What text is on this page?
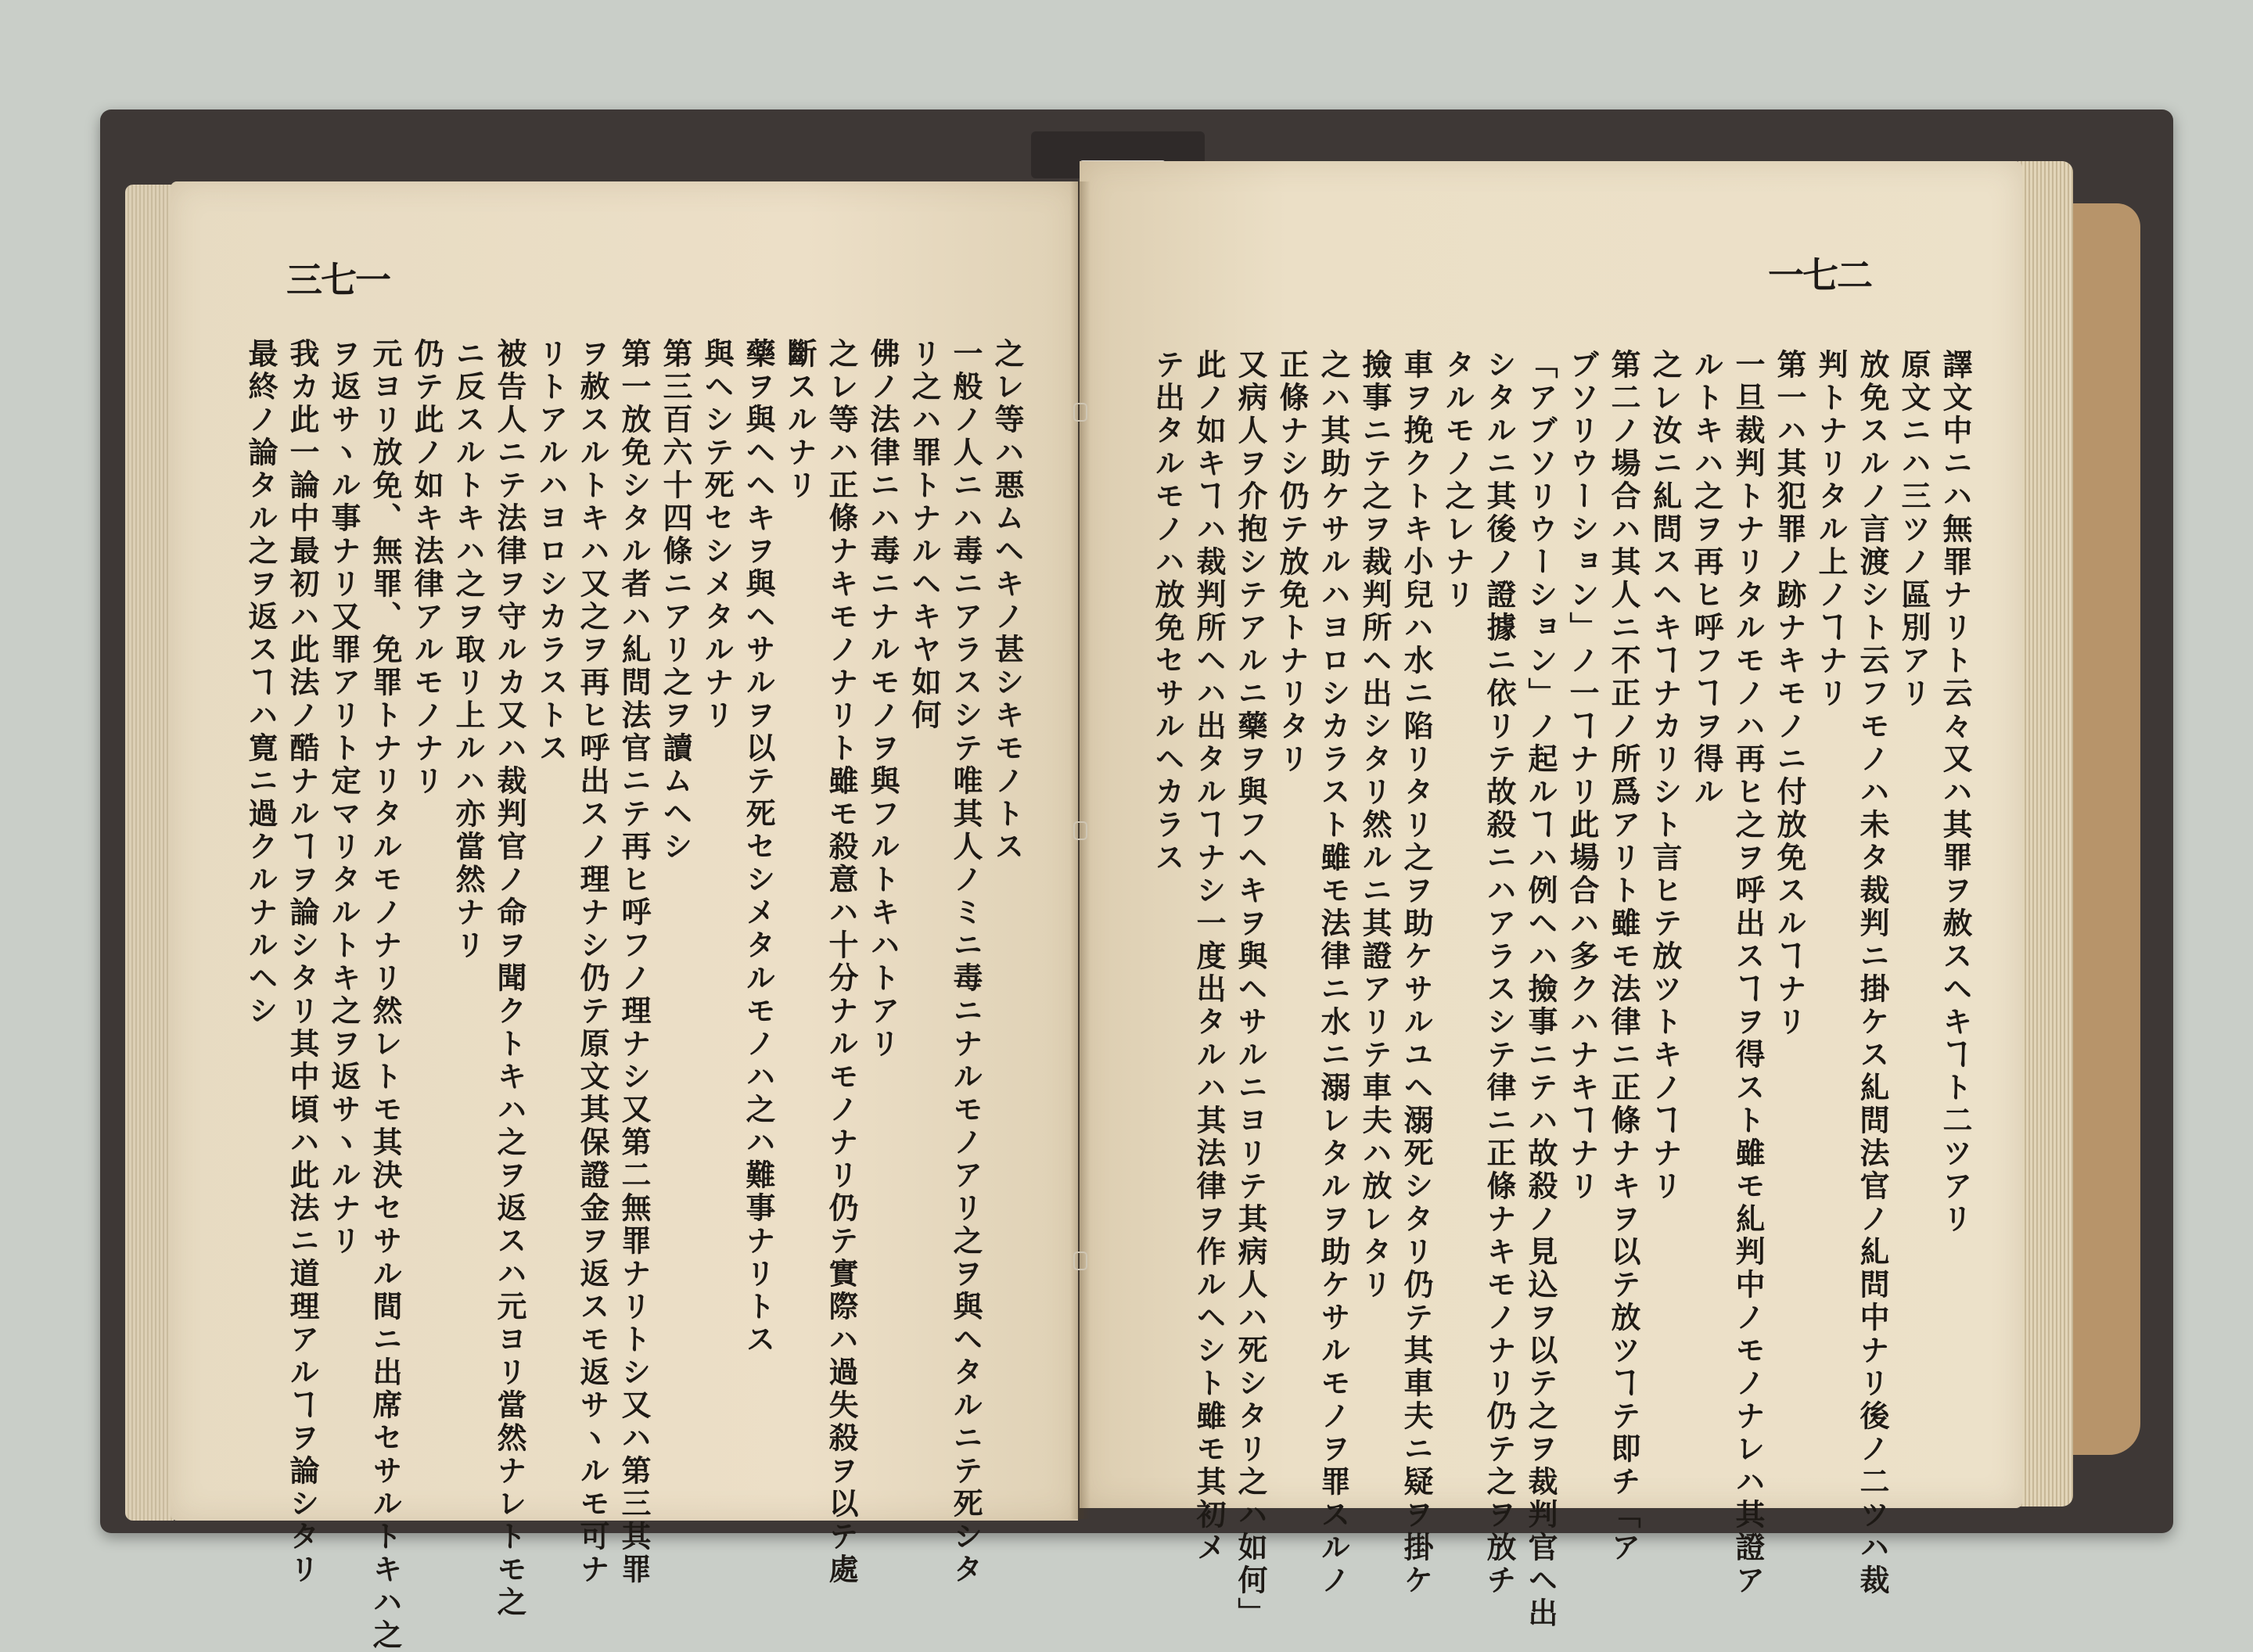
三七一
之レ等ハ悪ムヘキノ甚シキモノトス
一般ノ人ニハ毒ニアラスシテ唯其人ノミニ毒ニナルモノアリ之ヲ與ヘタルニテ死シタ
リ之ハ罪トナルヘキヤ如何
佛ノ法律ニハ毒ニナルモノヲ與フルトキハトアリ
之レ等ハ正條ナキモノナリト雖モ殺意ハ十分ナルモノナリ仍テ實際ハ過失殺ヲ以テ處
斷スルナリ
藥ヲ與ヘヘキヲ與ヘサルヲ以テ死セシメタルモノハ之ハ難事ナリトス
與ヘシテ死セシメタルナリ
第三百六十四條ニアリ之ヲ讀ムヘシ
第一放免シタル者ハ糺問法官ニテ再ヒ呼フノ理ナシ又第二無罪ナリトシ又ハ第三其罪
ヲ赦スルトキハ又之ヲ再ヒ呼出スノ理ナシ仍テ原文其保證金ヲ返スモ返サヽルモ可ナ
リトアルハヨロシカラストス
被告人ニテ法律ヲ守ルカ又ハ裁判官ノ命ヲ聞クトキハ之ヲ返スハ元ヨリ當然ナレトモ之
ニ反スルトキハ之ヲ取リ上ルハ亦當然ナリ
仍テ此ノ如キ法律アルモノナリ
元ヨリ放免、無罪、免罪トナリタルモノナリ然レトモ其決セサル間ニ出席セサルトキハ之
ヲ返サヽル事ナリ又罪アリト定マリタルトキ之ヲ返サヽルナリ
我カ此一論中最初ハ此法ノ酷ナルヿヲ論シタリ其中頃ハ此法ニ道理アルヿヲ論シタリ
最終ノ論タル之ヲ返スヿハ寛ニ過クルナルヘシ
一七二
譯文中ニハ無罪ナリト云々又ハ其罪ヲ赦スヘキヿト二ツアリ
原文ニハ三ツノ區別アリ
放免スルノ言渡シト云フモノハ未タ裁判ニ掛ケス糺問法官ノ糺問中ナリ後ノ二ツハ裁
判トナリタル上ノヿナリ
第一ハ其犯罪ノ跡ナキモノニ付放免スルヿナリ
一旦裁判トナリタルモノハ再ヒ之ヲ呼出スヿヲ得スト雖モ糺判中ノモノナレハ其證ア
ルトキハ之ヲ再ヒ呼フヿヲ得ル
之レ汝ニ糺問スヘキヿナカリシト言ヒテ放ツトキノヿナリ
第二ノ場合ハ其人ニ不正ノ所爲アリト雖モ法律ニ正條ナキヲ以テ放ツヿテ即チ「ア
ブソリウーション」ノ一ヿナリ此場合ハ多クハナキヿナリ
「アブソリウーション」ノ起ルヿハ例ヘハ撿事ニテハ故殺ノ見込ヲ以テ之ヲ裁判官ヘ出
シタルニ其後ノ證據ニ依リテ故殺ニハアラスシテ律ニ正條ナキモノナリ仍テ之ヲ放チ
タルモノ之レナリ
車ヲ挽クトキ小兒ハ水ニ陷リタリ之ヲ助ケサルユヘ溺死シタリ仍テ其車夫ニ疑ヲ掛ケ
撿事ニテ之ヲ裁判所ヘ出シタリ然ルニ其證アリテ車夫ハ放レタリ
之ハ其助ケサルハヨロシカラスト雖モ法律ニ水ニ溺レタルヲ助ケサルモノヲ罪スルノ
正條ナシ仍テ放免トナリタリ
又病人ヲ介抱シテアルニ藥ヲ與フヘキヲ與ヘサルニヨリテ其病人ハ死シタリ之ハ如何」
此ノ如キヿハ裁判所ヘハ出タルヿナシ一度出タルハ其法律ヲ作ルヘシト雖モ其初メ
テ出タルモノハ放免セサルヘカラス
